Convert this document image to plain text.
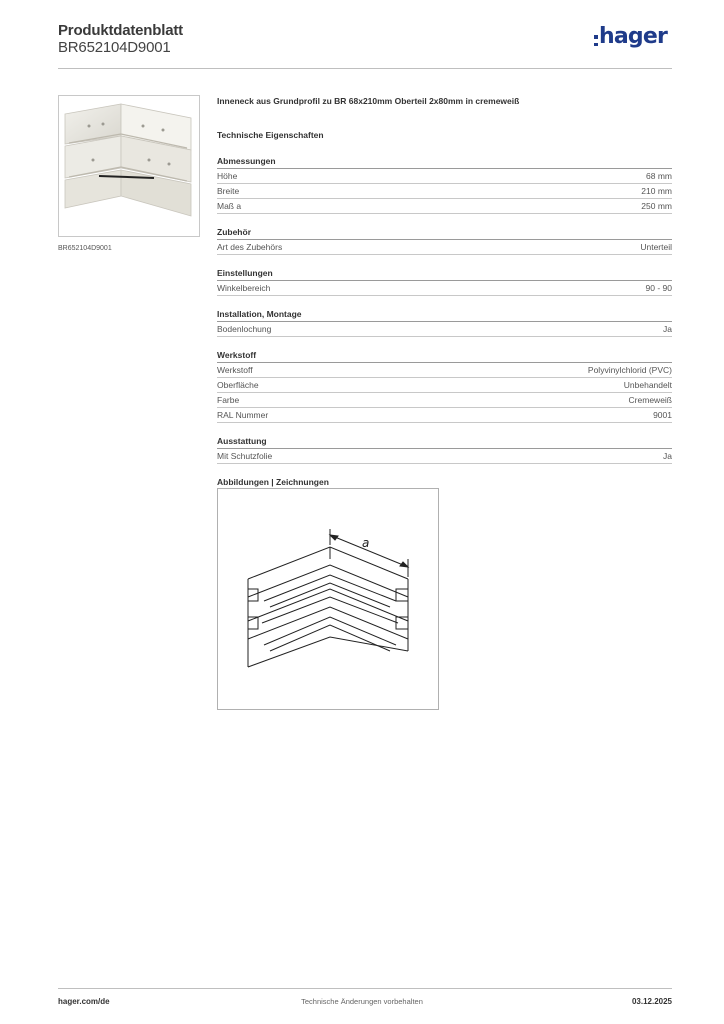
Produktdatenblatt
BR652104D9001	hager
BR652104D9001
Inneneck aus Grundprofil zu BR 68x210mm Oberteil 2x80mm in cremeweiß
Technische Eigenschaften
Abmessungen
Höhe	68 mm
Breite	210 mm
Maß a	250 mm
Zubehör
Art des Zubehörs	Unterteil
Einstellungen
Winkelbereich	90 - 90
Installation, Montage
Bodenlochung	Ja
Werkstoff
Werkstoff	Polyvinylchlorid (PVC)
Oberfläche	Unbehandelt
Farbe	Cremeweiß
RAL Nummer	9001
Ausstattung
Mit Schutzfolie	Ja
Abbildungen | Zeichnungen
a
hager.com/de	Technische Änderungen vorbehalten	03.12.2025
